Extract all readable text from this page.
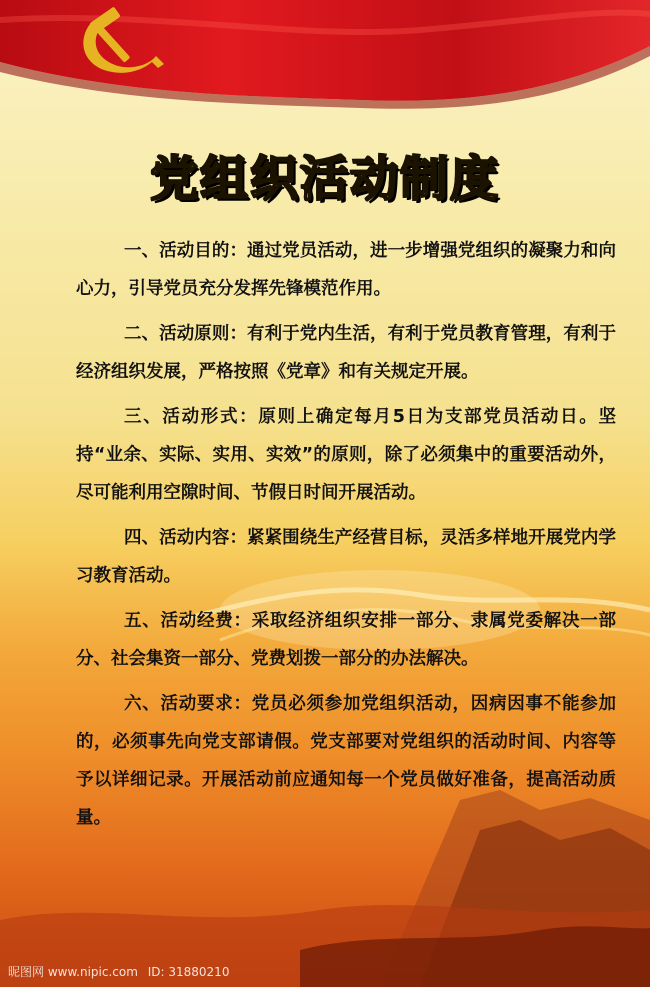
党组织活动制度

一、活动目的：通过党员活动，进一步增强党组织的凝聚力和向心力，引导党员充分发挥先锋模范作用。

二、活动原则：有利于党内生活，有利于党员教育管理，有利于经济组织发展，严格按照《党章》和有关规定开展。

三、活动形式：原则上确定每月5日为支部党员活动日。坚持“业余、实际、实用、实效”的原则，除了必须集中的重要活动外，尽可能利用空隙时间、节假日时间开展活动。

四、活动内容：紧紧围绕生产经营目标，灵活多样地开展党内学习教育活动。

五、活动经费：采取经济组织安排一部分、隶属党委解决一部分、社会集资一部分、党费划拨一部分的办法解决。

六、活动要求：党员必须参加党组织活动，因病因事不能参加的，必须事先向党支部请假。党支部要对党组织的活动时间、内容等予以详细记录。开展活动前应通知每一个党员做好准备，提高活动质量。

昵图网 www.nipic.com ID: 31880210
